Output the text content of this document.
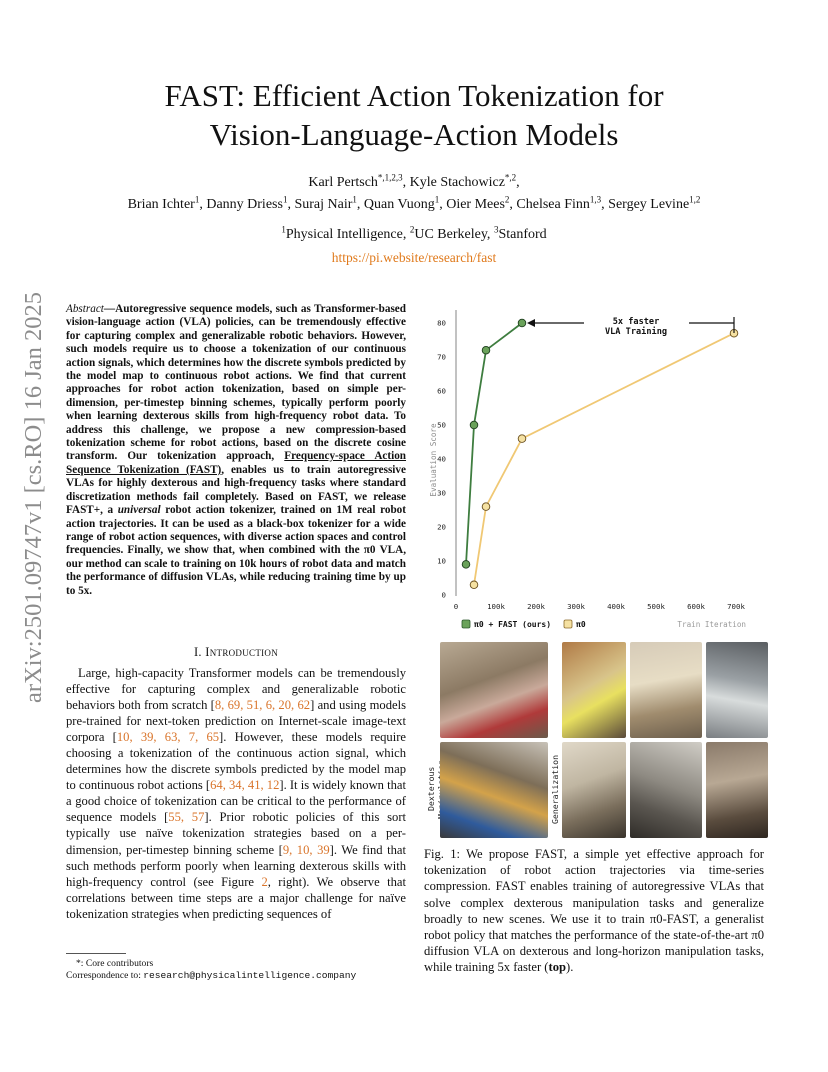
arXiv:2501.09747v1 [cs.RO] 16 Jan 2025
FAST: Efficient Action Tokenization for
Vision-Language-Action Models
Karl Pertsch$^{*,1,2,3}$, Kyle Stachowicz$^{*,2}$,
Brian Ichter$^1$, Danny Driess$^1$, Suraj Nair$^1$, Quan Vuong$^1$, Oier Mees$^2$, Chelsea Finn$^{1,3}$, Sergey Levine$^{1,2}$
$^1$Physical Intelligence, $^2$UC Berkeley, $^3$Stanford
https://pi.website/research/fast
Abstract—Autoregressive sequence models, such as Transformer-based vision-language action (VLA) policies, can be tremendously effective for capturing complex and generalizable robotic behaviors. However, such models require us to choose a tokenization of our continuous action signals, which determines how the discrete symbols predicted by the model map to continuous robot actions. We find that current approaches for robot action tokenization, based on simple per-dimension, per-timestep binning schemes, typically perform poorly when learning dexterous skills from high-frequency robot data. To address this challenge, we propose a new compression-based tokenization scheme for robot actions, based on the discrete cosine transform. Our tokenization approach, Frequency-space Action Sequence Tokenization (FAST), enables us to train autoregressive VLAs for highly dexterous and high-frequency tasks where standard discretization methods fail completely. Based on FAST, we release FAST+, a universal robot action tokenizer, trained on 1M real robot action trajectories. It can be used as a black-box tokenizer for a wide range of robot action sequences, with diverse action spaces and control frequencies. Finally, we show that, when combined with the π0 VLA, our method can scale to training on 10k hours of robot data and match the performance of diffusion VLAs, while reducing training time by up to 5x.
I. Introduction
Large, high-capacity Transformer models can be tremendously effective for capturing complex and generalizable robotic behaviors both from scratch [8, 69, 51, 6, 20, 62] and using models pre-trained for next-token prediction on Internet-scale image-text corpora [10, 39, 63, 7, 65]. However, these models require choosing a tokenization of the continuous action signal, which determines how the discrete symbols predicted by the model map to continuous robot actions [64, 34, 41, 12]. It is widely known that a good choice of tokenization can be critical to the performance of sequence models [55, 57]. Prior robotic policies of this sort typically use naïve tokenization strategies based on a per-dimension, per-timestep binning scheme [9, 10, 39]. We find that such methods perform poorly when learning dexterous skills with high-frequency control (see Figure 2, right). We observe that correlations between time steps are a major challenge for naïve tokenization strategies when predicting sequences of
*: Core contributors
Correspondence to: research@physicalintelligence.company
0
10
20
30
40
50
60
70
80
0	100k	200k	300k	400k	500k	600k	700k
Evaluation Score
5x faster
VLA Training
π0 + FAST (ours)	π0	Train Iteration
Dexterous	Generalization
Fig. 1: We propose FAST, a simple yet effective approach for tokenization of robot action trajectories via time-series compression. FAST enables training of autoregressive VLAs that solve complex dexterous manipulation tasks and generalize broadly to new scenes. We use it to train π0-FAST, a generalist robot policy that matches the performance of the state-of-the-art π0 diffusion VLA on dexterous and long-horizon manipulation tasks, while training 5x faster (top).
